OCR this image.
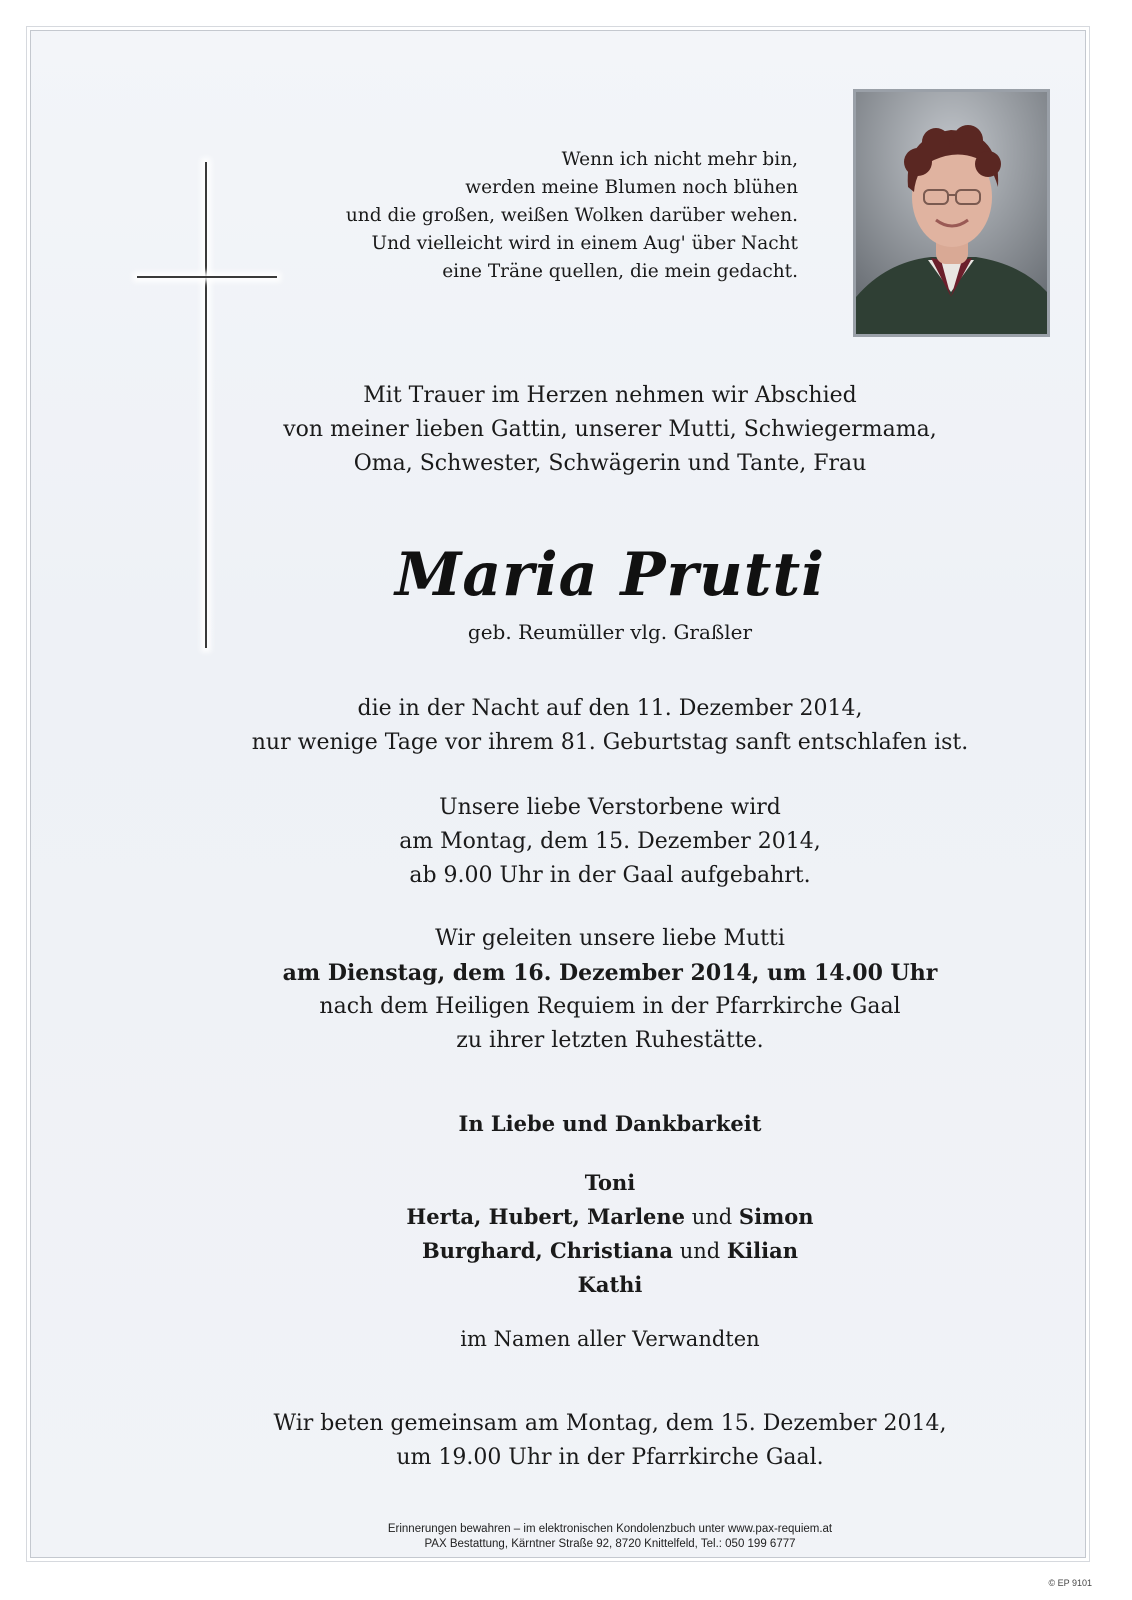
Wenn ich nicht mehr bin,
werden meine Blumen noch blühen
und die großen, weißen Wolken darüber wehen.
Und vielleicht wird in einem Aug' über Nacht
eine Träne quellen, die mein gedacht.
Mit Trauer im Herzen nehmen wir Abschied
von meiner lieben Gattin, unserer Mutti, Schwiegermama,
Oma, Schwester, Schwägerin und Tante, Frau
Maria Prutti
geb. Reumüller vlg. Graßler
die in der Nacht auf den 11. Dezember 2014,
nur wenige Tage vor ihrem 81. Geburtstag sanft entschlafen ist.
Unsere liebe Verstorbene wird
am Montag, dem 15. Dezember 2014,
ab 9.00 Uhr in der Gaal aufgebahrt.
Wir geleiten unsere liebe Mutti
am Dienstag, dem 16. Dezember 2014, um 14.00 Uhr
nach dem Heiligen Requiem in der Pfarrkirche Gaal
zu ihrer letzten Ruhestätte.
In Liebe und Dankbarkeit
Toni
Herta, Hubert, Marlene und Simon
Burghard, Christiana und Kilian
Kathi
im Namen aller Verwandten
Wir beten gemeinsam am Montag, dem 15. Dezember 2014,
um 19.00 Uhr in der Pfarrkirche Gaal.
Erinnerungen bewahren – im elektronischen Kondolenzbuch unter www.pax-requiem.at
PAX Bestattung, Kärntner Straße 92, 8720 Knittelfeld, Tel.: 050 199 6777
© EP 9101
